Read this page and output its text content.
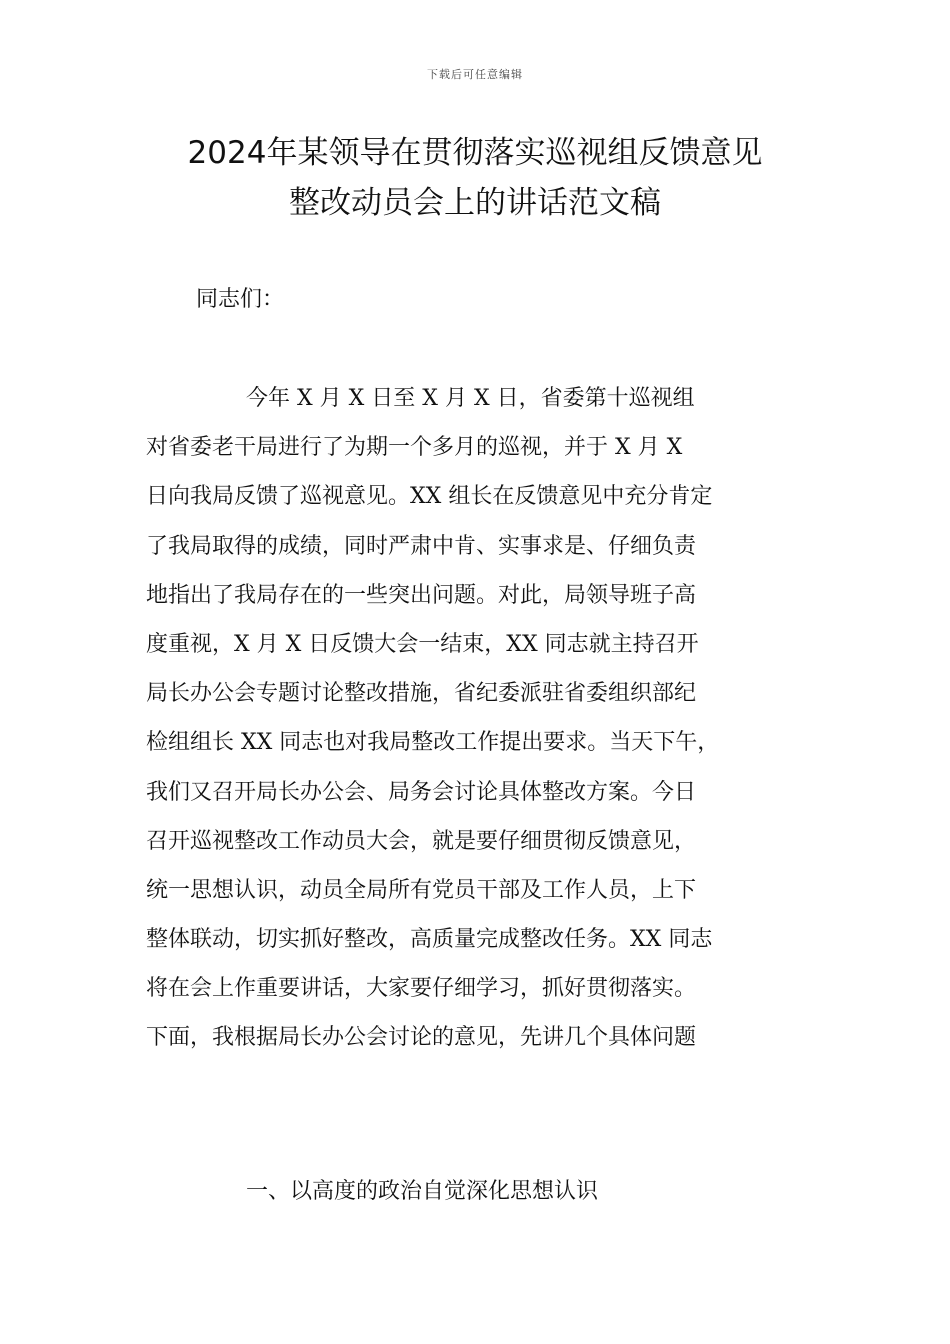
下载后可任意编辑
2024年某领导在贯彻落实巡视组反馈意见
整改动员会上的讲话范文稿
同志们：
今年 X 月 X 日至 X 月 X 日，省委第十巡视组
对省委老干局进行了为期一个多月的巡视，并于 X 月 X
日向我局反馈了巡视意见。XX 组长在反馈意见中充分肯定
了我局取得的成绩，同时严肃中肯、实事求是、仔细负责
地指出了我局存在的一些突出问题。对此，局领导班子高
度重视，X 月 X 日反馈大会一结束，XX 同志就主持召开
局长办公会专题讨论整改措施，省纪委派驻省委组织部纪
检组组长 XX 同志也对我局整改工作提出要求。当天下午，
我们又召开局长办公会、局务会讨论具体整改方案。今日
召开巡视整改工作动员大会，就是要仔细贯彻反馈意见，
统一思想认识，动员全局所有党员干部及工作人员，上下
整体联动，切实抓好整改，高质量完成整改任务。XX 同志
将在会上作重要讲话，大家要仔细学习，抓好贯彻落实。
下面，我根据局长办公会讨论的意见，先讲几个具体问题
一、以高度的政治自觉深化思想认识
